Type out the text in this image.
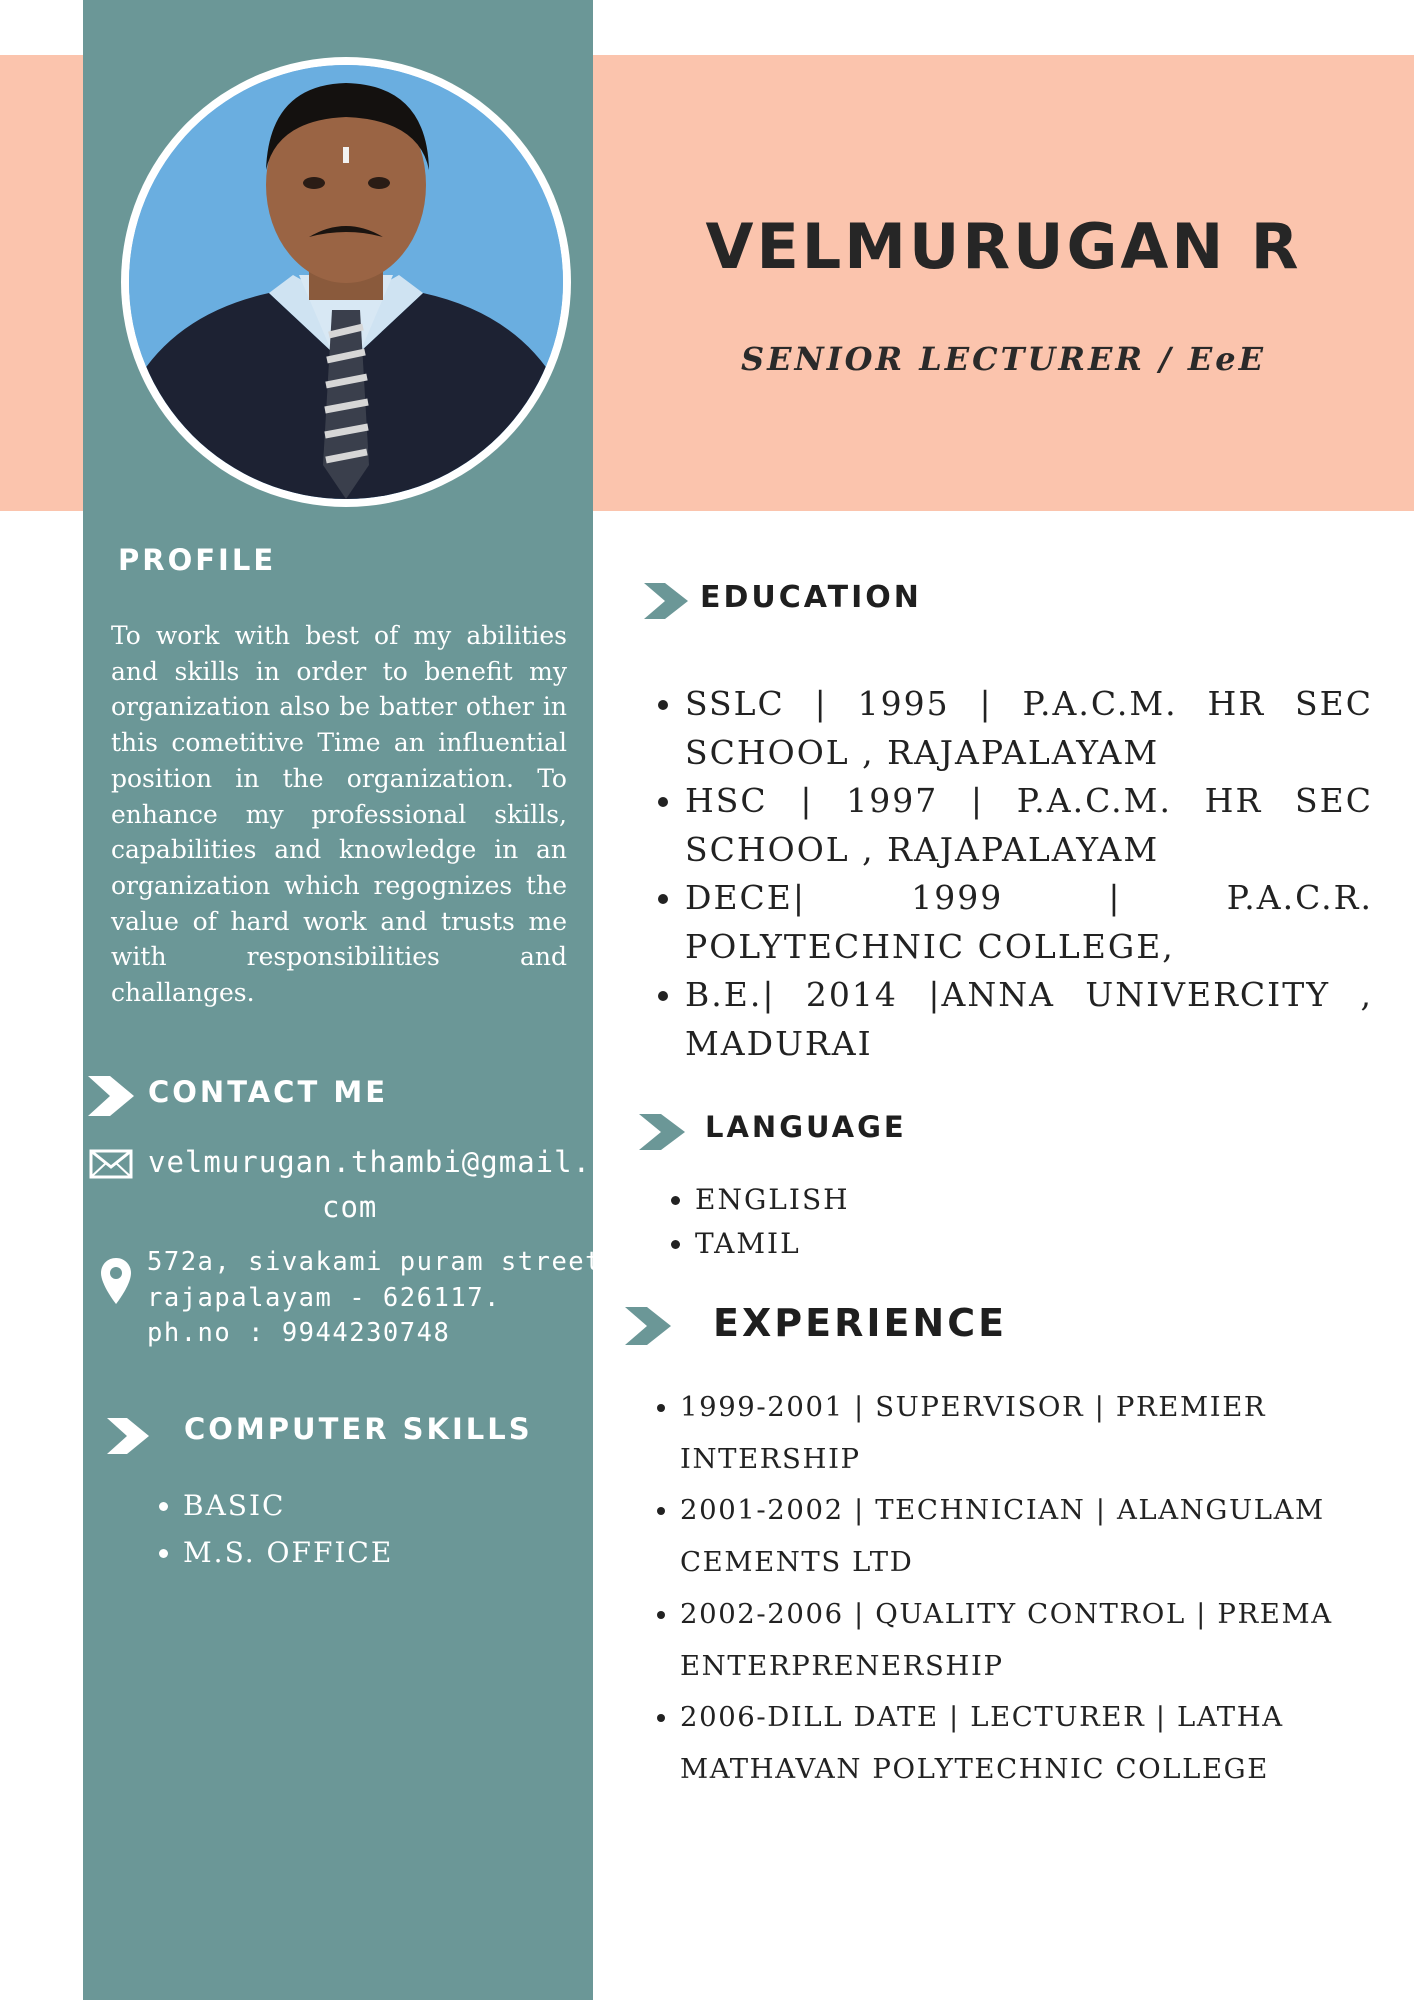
VELMURUGAN R
SENIOR LECTURER / EeE
PROFILE

To work with best of my abilities and skills in order to benefit my organization also be batter other in this cometitive Time an influential position in the organization. To enhance my professional skills, capabilities and knowledge in an organization which regognizes the value of hard work and trusts me with responsibilities and challanges.

CONTACT ME
velmurugan.thambi@gmail.
com
572a, sivakami puram street,
rajapalayam - 626117.
ph.no : 9944230748
COMPUTER SKILLS
• BASIC
• M.S. OFFICE
EDUCATION
• SSLC | 1995 | P.A.C.M. HR SEC SCHOOL , RAJAPALAYAM
• HSC | 1997 | P.A.C.M. HR SEC SCHOOL , RAJAPALAYAM
• DECE| 1999 | P.A.C.R. POLYTECHNIC COLLEGE,
• B.E.| 2014 |ANNA UNIVERCITY , MADURAI
LANGUAGE
• ENGLISH
• TAMIL
EXPERIENCE
• 1999-2001 | SUPERVISOR | PREMIER INTERSHIP
• 2001-2002 | TECHNICIAN | ALANGULAM CEMENTS LTD
• 2002-2006 | QUALITY CONTROL | PREMA ENTERPRENERSHIP
• 2006-DILL DATE | LECTURER | LATHA MATHAVAN POLYTECHNIC COLLEGE
